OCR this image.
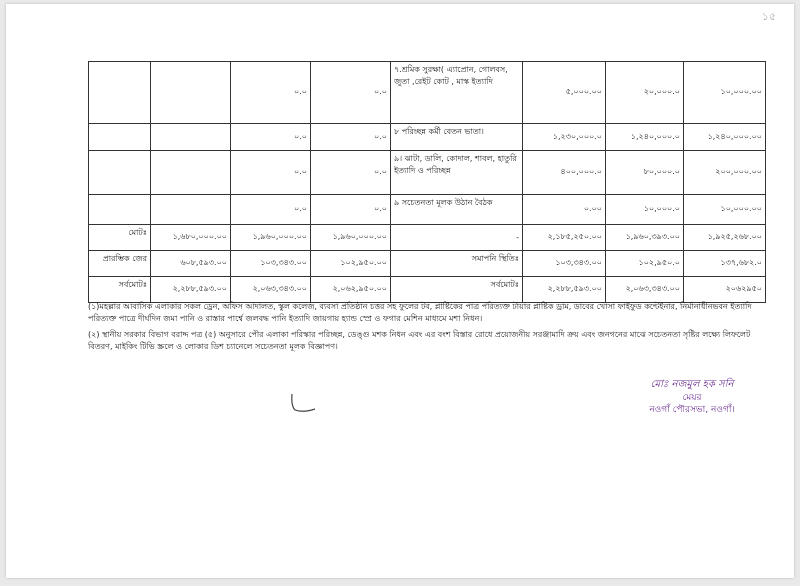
১৫
		০.০	০.০	৭.শ্রমিক সুরক্ষা( এ্যাপ্রোন, গোলবস, জুতা ,রেইট কোট , মাস্ক ইত্যাদি	৫,০০০.০০	২০,০০০.০	১০,০০০.০০
		০.০	০.০	৮ পরিচ্ছন্ন কর্মী বেতন ভাতা।	১,২৩০,০০০.০	১,২৪০,০০০.০	১,২৪০,০০০.০০
		০.০	০.০	৯। ঝাটা, ডালি, কোদাল, শাবল, হাতুরি ইত্যাদি ও পরিচ্ছন্ন	৪০০,০০০.০	৮০,০০০.০	২০০,০০০.০০
		০.০	০.০	৯ সচেতনতা মূলক উঠান বৈঠক	০.০০	১০,০০০.০	১০,০০০.০০
মোটঃ	১,৬৮০,০০০.০০	১,৯৬০,০০০.০০	১,৯৬০,০০০.০০	-	২,১৮৫,২৫০.০০	১,৯৬০,৩৯৩.০০	১,৯২৫,২৬৮.০০
প্রারম্ভিক জের	৬০৮,৫৯৩.০০	১০৩,৩৪৩.০০	১০২,৯৫০.০০	সমাপনি স্থিতিঃ	১০৩,৩৪৩.০০	১০২,৯৫০.০	১৩৭,৬৮২.০
সর্বমোটঃ	২,২৮৮,৫৯৩.০০	২,০৬৩,৩৪৩.০০	২,০৬২,৯৫০.০০	সর্বমোটঃ	২,২৮৮,৫৯৩.০০	২,০৬৩,৩৪৩.০০	২০৬২৯৫০

(১)মহল্লার আবাসিক এলাকার সকল ড্রেন, অফিস আদালত, স্কুল কলেজ, ব্যবসা প্রতিষ্ঠান চত্তর সহ ফুলের টব, প্লাষ্টিকের পাত্র পরিত্যক্ত টায়ার প্লাষ্টিক ড্রাম, ডাবের খোসা ফাইফুড কন্টেইনার, নির্মানাধীনভবন ইত্যাদি পরিত্যক্ত পাত্রে দীর্ঘদিন জমা পানি ও রাস্তার পার্শ্বে জলবদ্ধ পানি ইত্যাদি জায়গায় হ্যান্ড স্প্রে ও ফগার মেশিন মাধ্যমে মশা নিধন।

(২) স্থানীয় সরকার বিভাগ বরাদ্দ পত্র (৫) অনুসারে পৌর এলাকা পরিস্কার পরিচ্ছন্ন, ডেঙ্গু মশক নিধন এবং এর বংশ বিস্তার রোধে প্রয়োজনীয় সরঞ্জামাদি ক্রয় এবং জনগনের মাঝে সচেতনতা সৃষ্টির লক্ষ্যে লিফলেট বিতরণ, মাইকিং টিভি স্ক্রলে ও লোকার ডিশ চ্যানেলে সচেতনতা মূলক বিজ্ঞাপণ।

মোঃ নজমুল হক সনি
মেয়র
নওগাঁ পৌরসভা, নওগাঁ।
